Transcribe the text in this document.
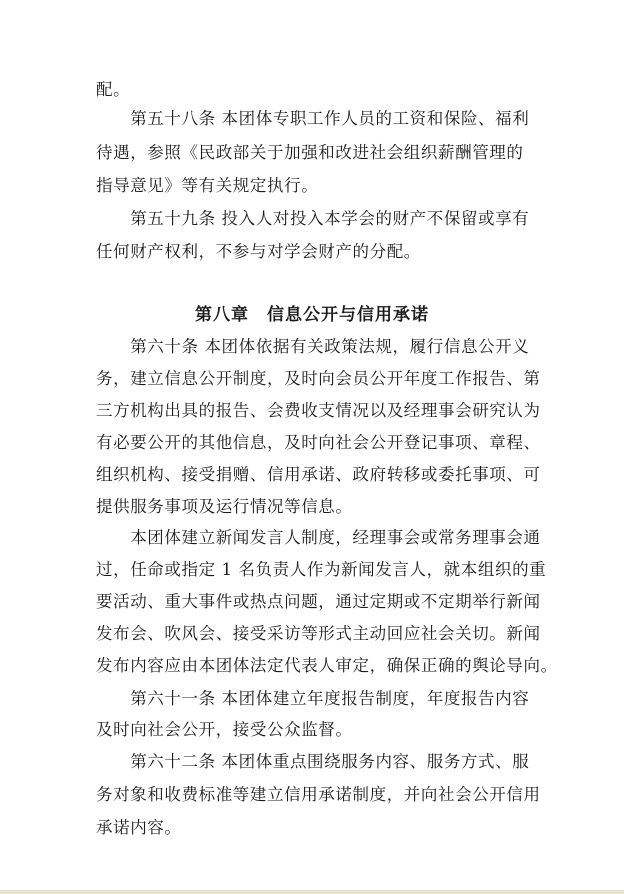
配。
　　第五十八条 本团体专职工作人员的工资和保险、福利
待遇，参照《民政部关于加强和改进社会组织薪酬管理的
指导意见》等有关规定执行。
　　第五十九条 投入人对投入本学会的财产不保留或享有
任何财产权利，不参与对学会财产的分配。
第八章　信息公开与信用承诺
　　第六十条 本团体依据有关政策法规，履行信息公开义
务，建立信息公开制度，及时向会员公开年度工作报告、第
三方机构出具的报告、会费收支情况以及经理事会研究认为
有必要公开的其他信息，及时向社会公开登记事项、章程、
组织机构、接受捐赠、信用承诺、政府转移或委托事项、可
提供服务事项及运行情况等信息。
　　本团体建立新闻发言人制度，经理事会或常务理事会通
过，任命或指定 1 名负责人作为新闻发言人，就本组织的重
要活动、重大事件或热点问题，通过定期或不定期举行新闻
发布会、吹风会、接受采访等形式主动回应社会关切。新闻
发布内容应由本团体法定代表人审定，确保正确的舆论导向。
　　第六十一条 本团体建立年度报告制度，年度报告内容
及时向社会公开，接受公众监督。
　　第六十二条 本团体重点围绕服务内容、服务方式、服
务对象和收费标准等建立信用承诺制度，并向社会公开信用
承诺内容。
